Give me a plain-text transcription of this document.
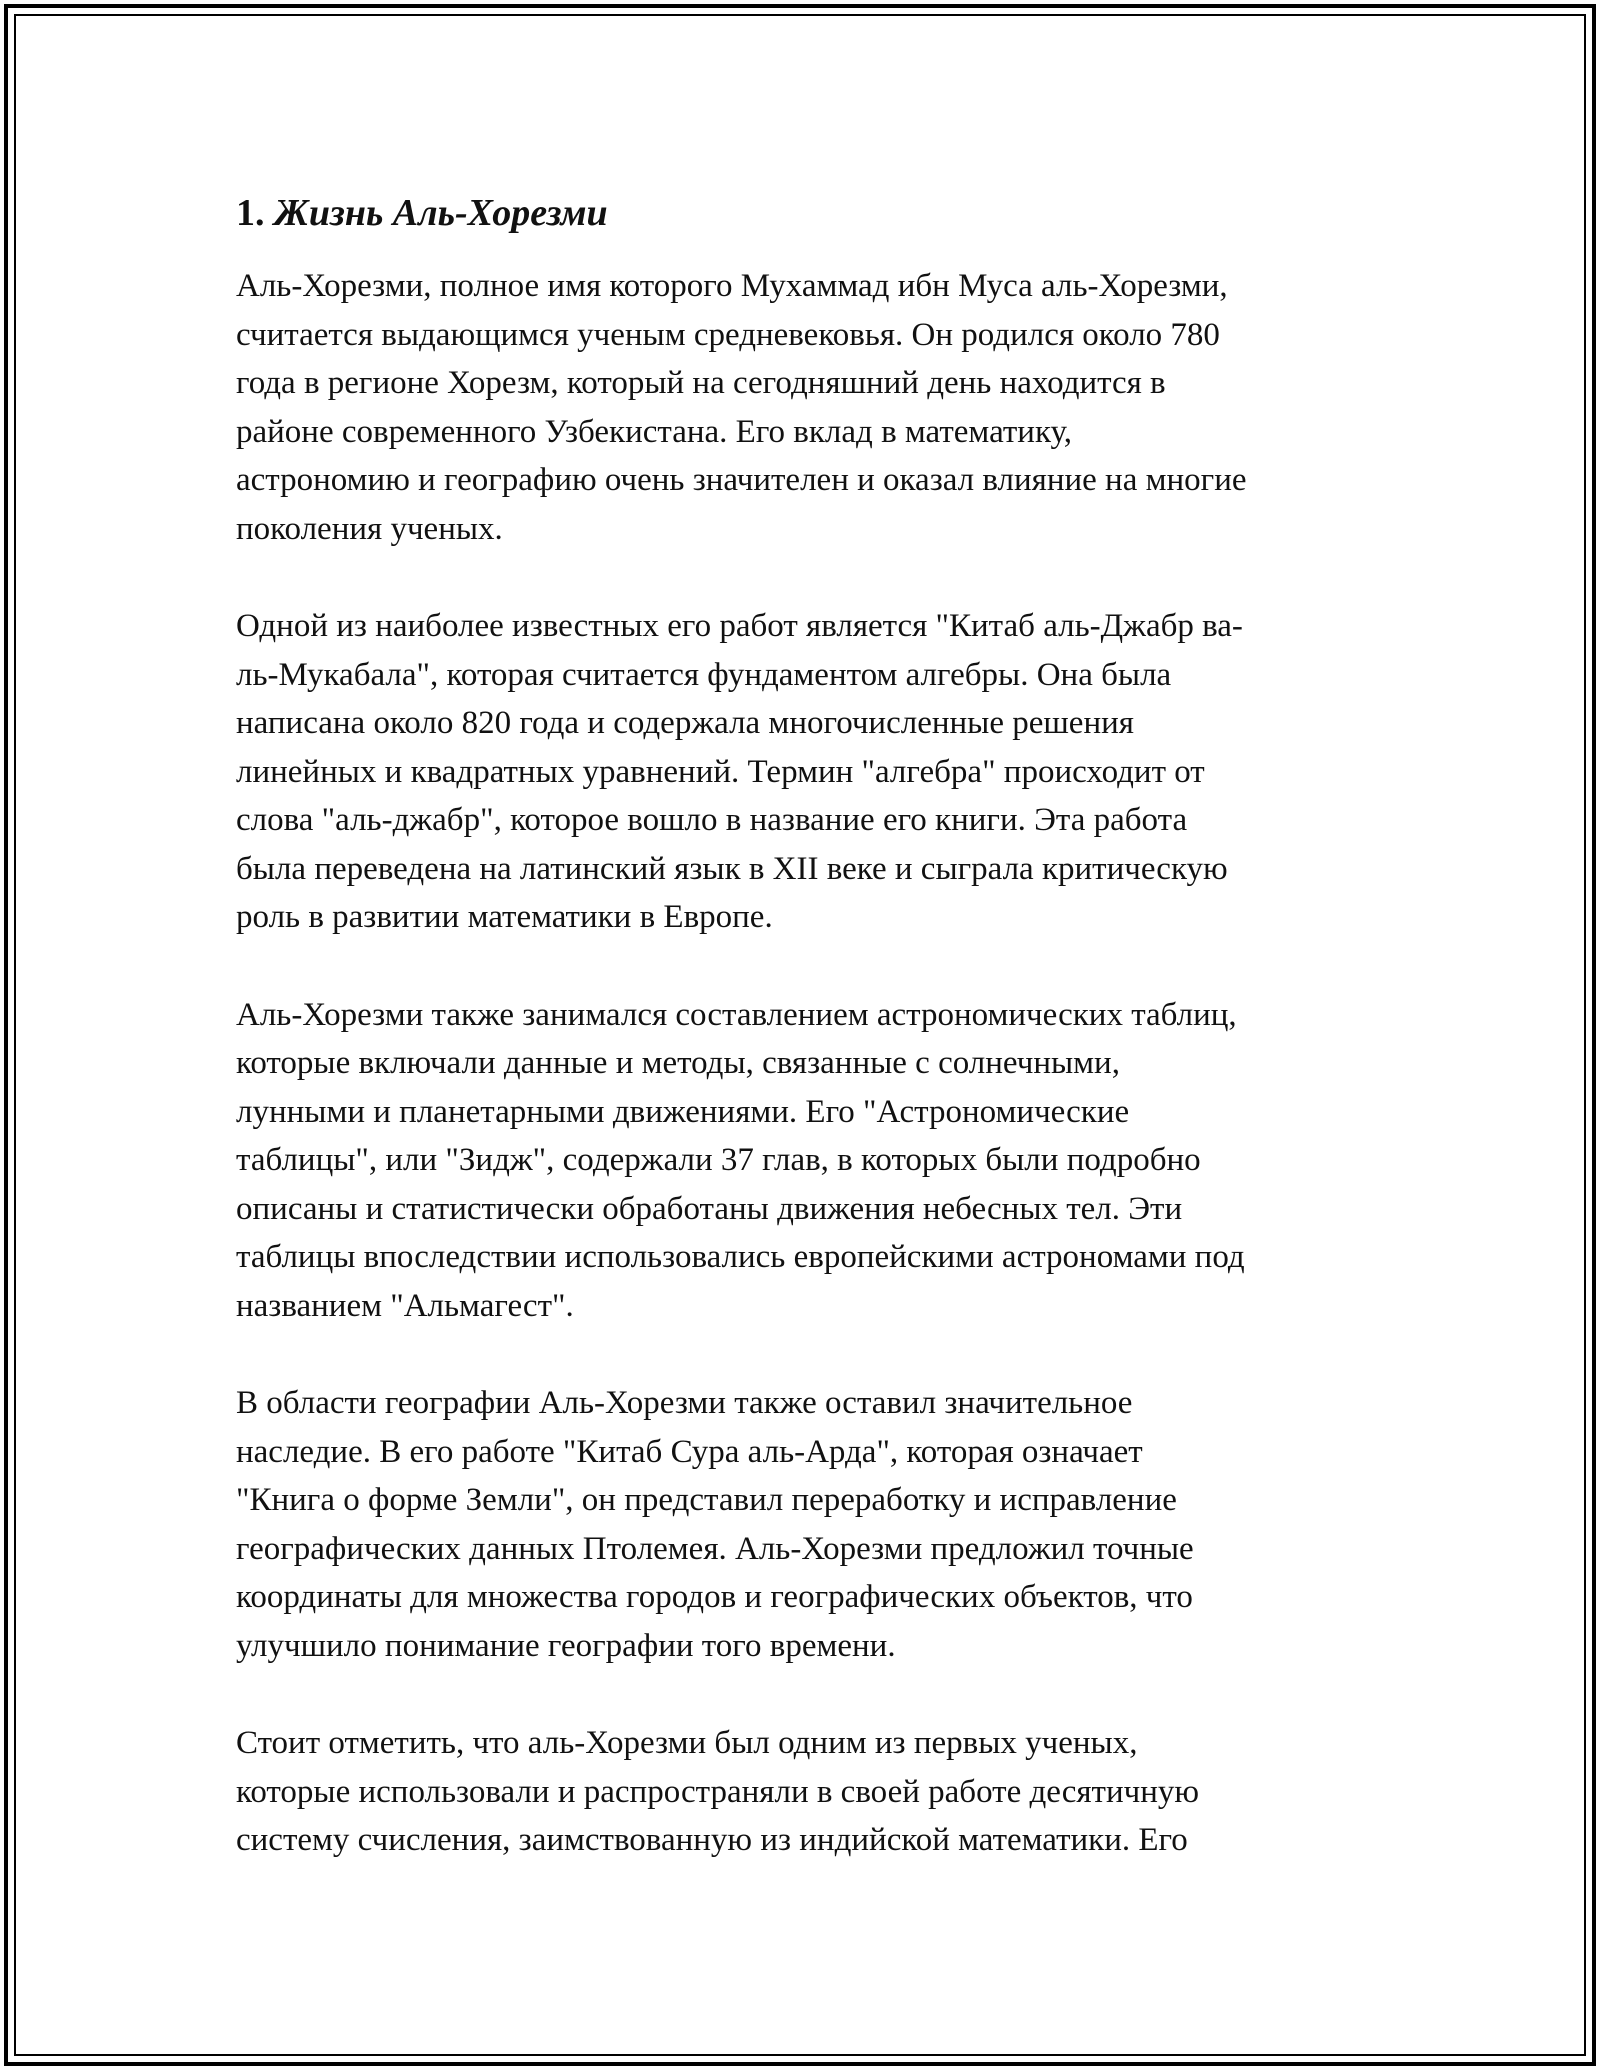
1. Жизнь Аль-Хорезми

Аль-Хорезми, полное имя которого Мухаммад ибн Муса аль-Хорезми,
считается выдающимся ученым средневековья. Он родился около 780
года в регионе Хорезм, который на сегодняшний день находится в
районе современного Узбекистана. Его вклад в математику,
астрономию и географию очень значителен и оказал влияние на многие
поколения ученых.

Одной из наиболее известных его работ является "Китаб аль-Джабр ва-
ль-Мукабала", которая считается фундаментом алгебры. Она была
написана около 820 года и содержала многочисленные решения
линейных и квадратных уравнений. Термин "алгебра" происходит от
слова "аль-джабр", которое вошло в название его книги. Эта работа
была переведена на латинский язык в XII веке и сыграла критическую
роль в развитии математики в Европе.

Аль-Хорезми также занимался составлением астрономических таблиц,
которые включали данные и методы, связанные с солнечными,
лунными и планетарными движениями. Его "Астрономические
таблицы", или "Зидж", содержали 37 глав, в которых были подробно
описаны и статистически обработаны движения небесных тел. Эти
таблицы впоследствии использовались европейскими астрономами под
названием "Альмагест".

В области географии Аль-Хорезми также оставил значительное
наследие. В его работе "Китаб Сура аль-Арда", которая означает
"Книга о форме Земли", он представил переработку и исправление
географических данных Птолемея. Аль-Хорезми предложил точные
координаты для множества городов и географических объектов, что
улучшило понимание географии того времени.

Стоит отметить, что аль-Хорезми был одним из первых ученых,
которые использовали и распространяли в своей работе десятичную
систему счисления, заимствованную из индийской математики. Его
